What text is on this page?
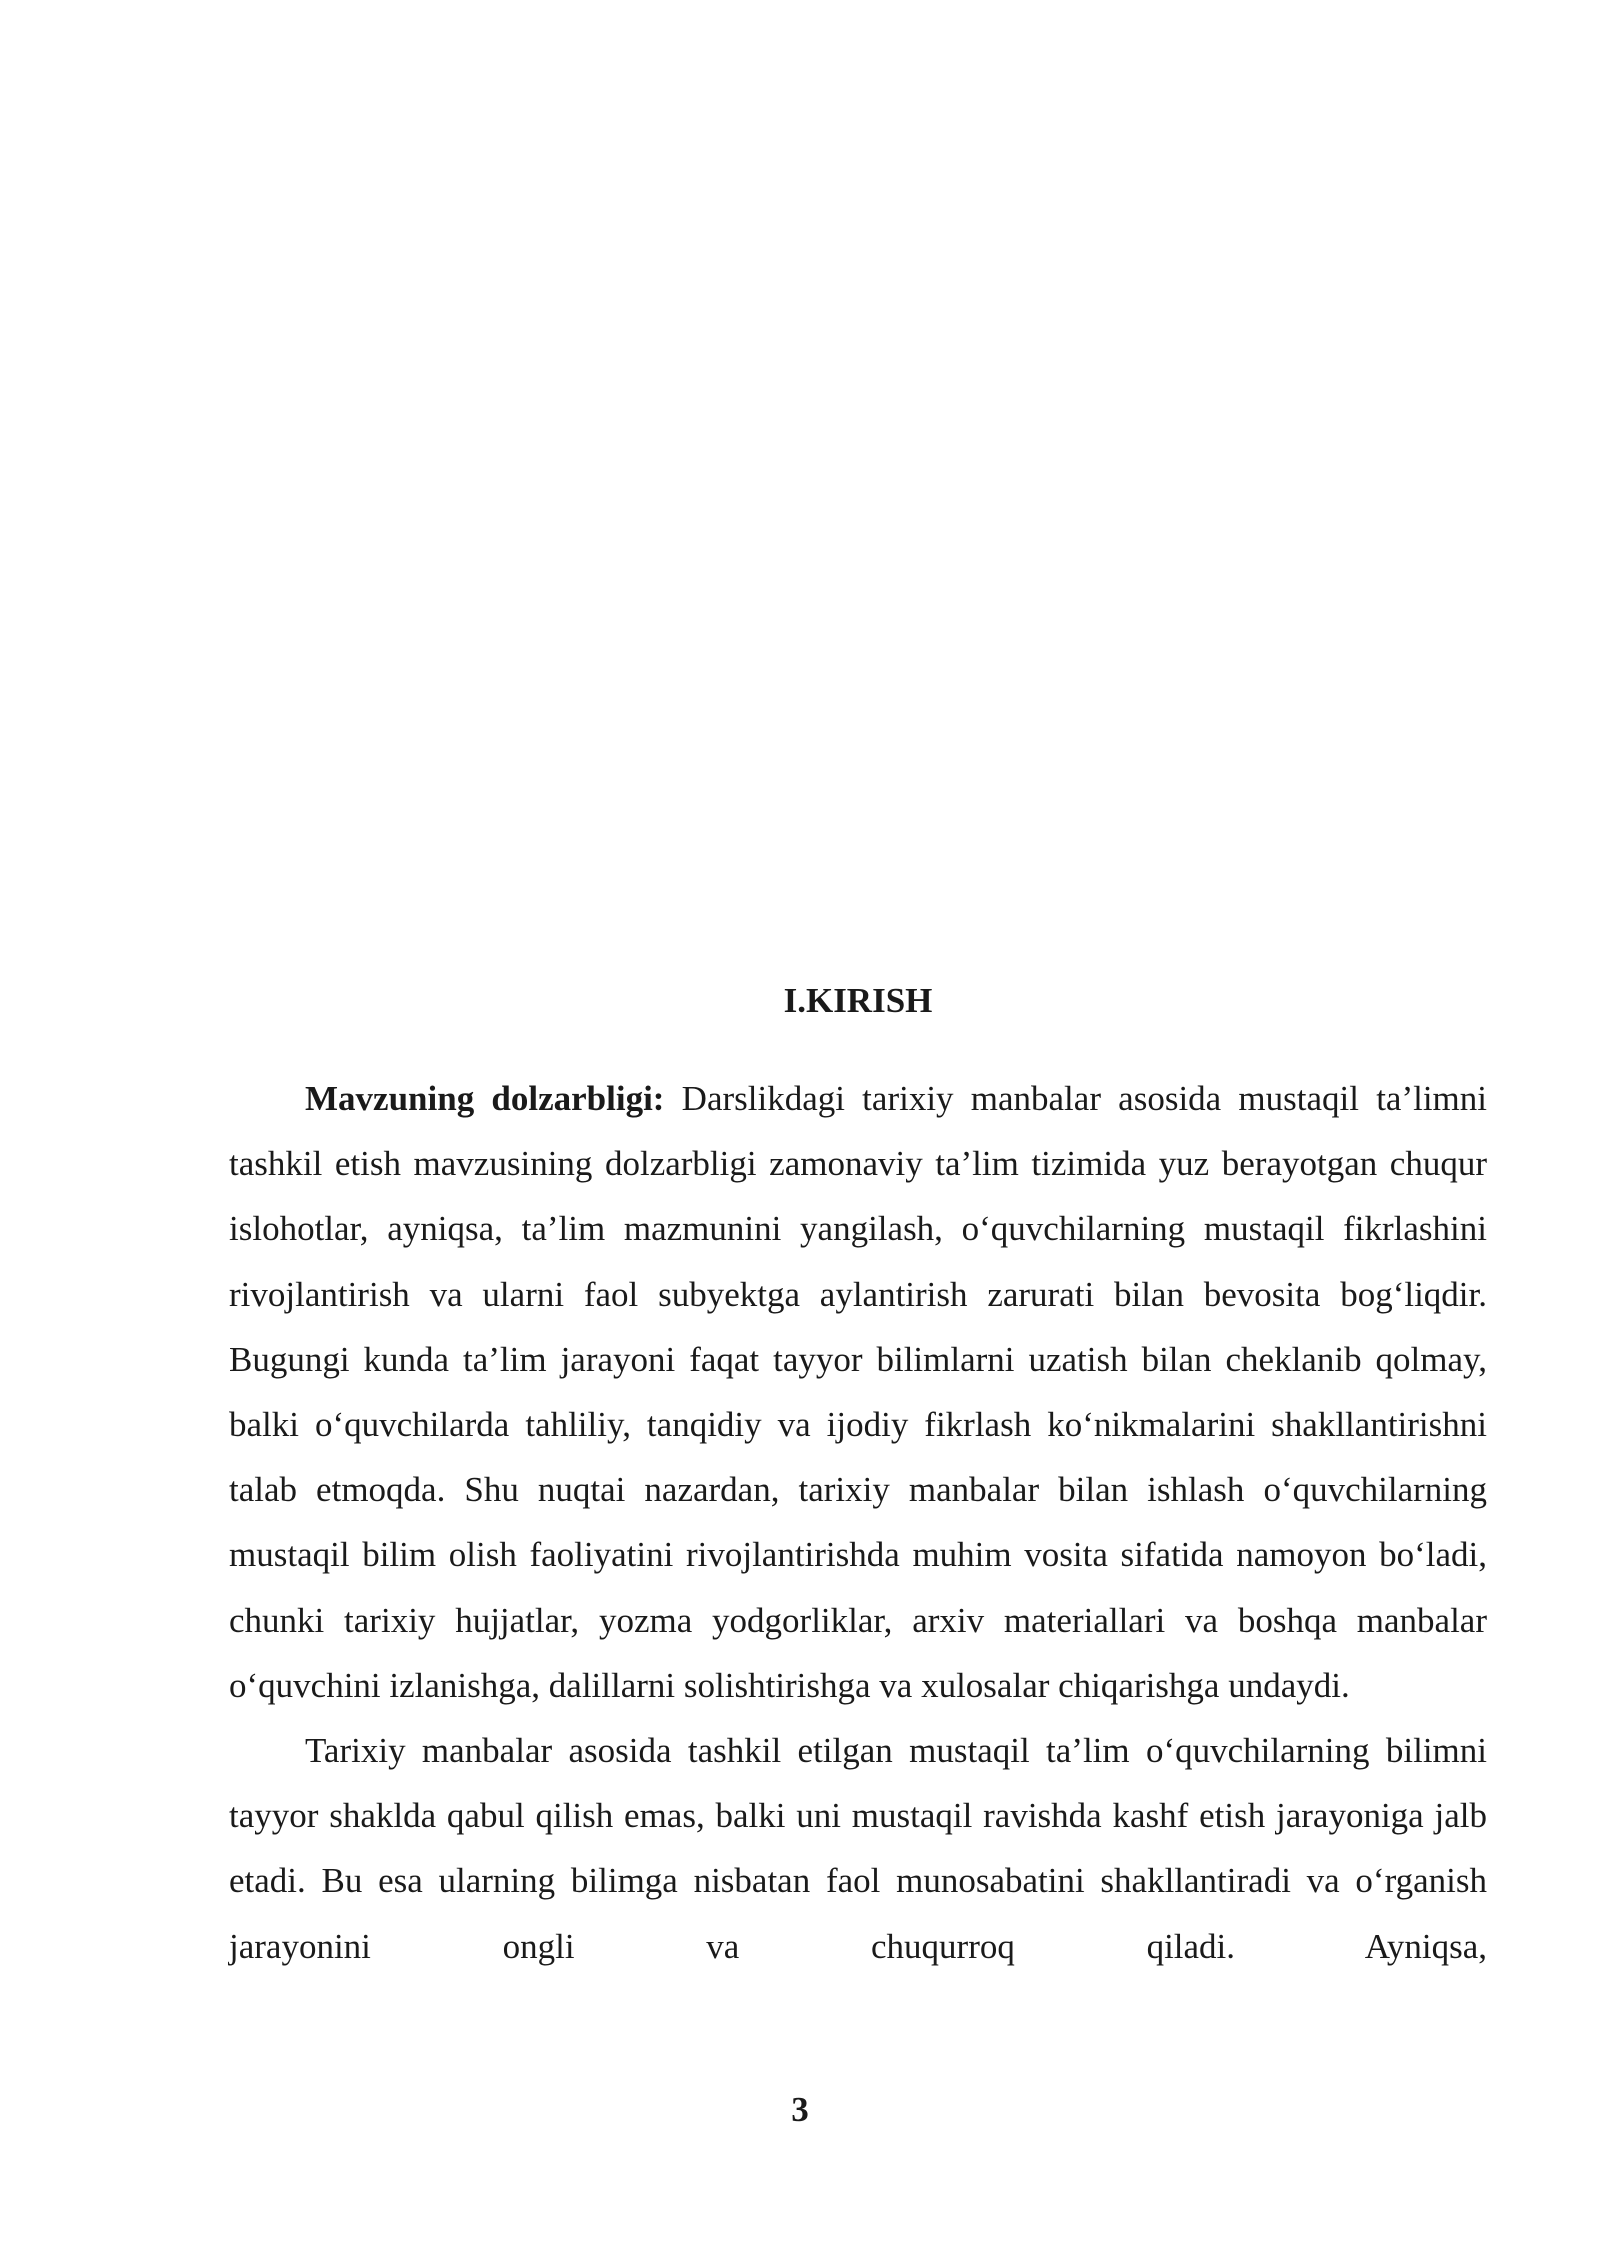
I.KIRISH

Mavzuning dolzarbligi: Darslikdagi tarixiy manbalar asosida mustaqil ta’limni tashkil etish mavzusining dolzarbligi zamonaviy ta’lim tizimida yuz berayotgan chuqur islohotlar, ayniqsa, ta’lim mazmunini yangilash, o‘quvchilarning mustaqil fikrlashini rivojlantirish va ularni faol subyektga aylantirish zarurati bilan bevosita bog‘liqdir. Bugungi kunda ta’lim jarayoni faqat tayyor bilimlarni uzatish bilan cheklanib qolmay, balki o‘quvchilarda tahliliy, tanqidiy va ijodiy fikrlash ko‘nikmalarini shakllantirishni talab etmoqda. Shu nuqtai nazardan, tarixiy manbalar bilan ishlash o‘quvchilarning mustaqil bilim olish faoliyatini rivojlantirishda muhim vosita sifatida namoyon bo‘ladi, chunki tarixiy hujjatlar, yozma yodgorliklar, arxiv materiallari va boshqa manbalar o‘quvchini izlanishga, dalillarni solishtirishga va xulosalar chiqarishga undaydi.

Tarixiy manbalar asosida tashkil etilgan mustaqil ta’lim o‘quvchilarning bilimni tayyor shaklda qabul qilish emas, balki uni mustaqil ravishda kashf etish jarayoniga jalb etadi. Bu esa ularning bilimga nisbatan faol munosabatini shakllantiradi va o‘rganish jarayonini ongli va chuqurroq qiladi. Ayniqsa,

3
